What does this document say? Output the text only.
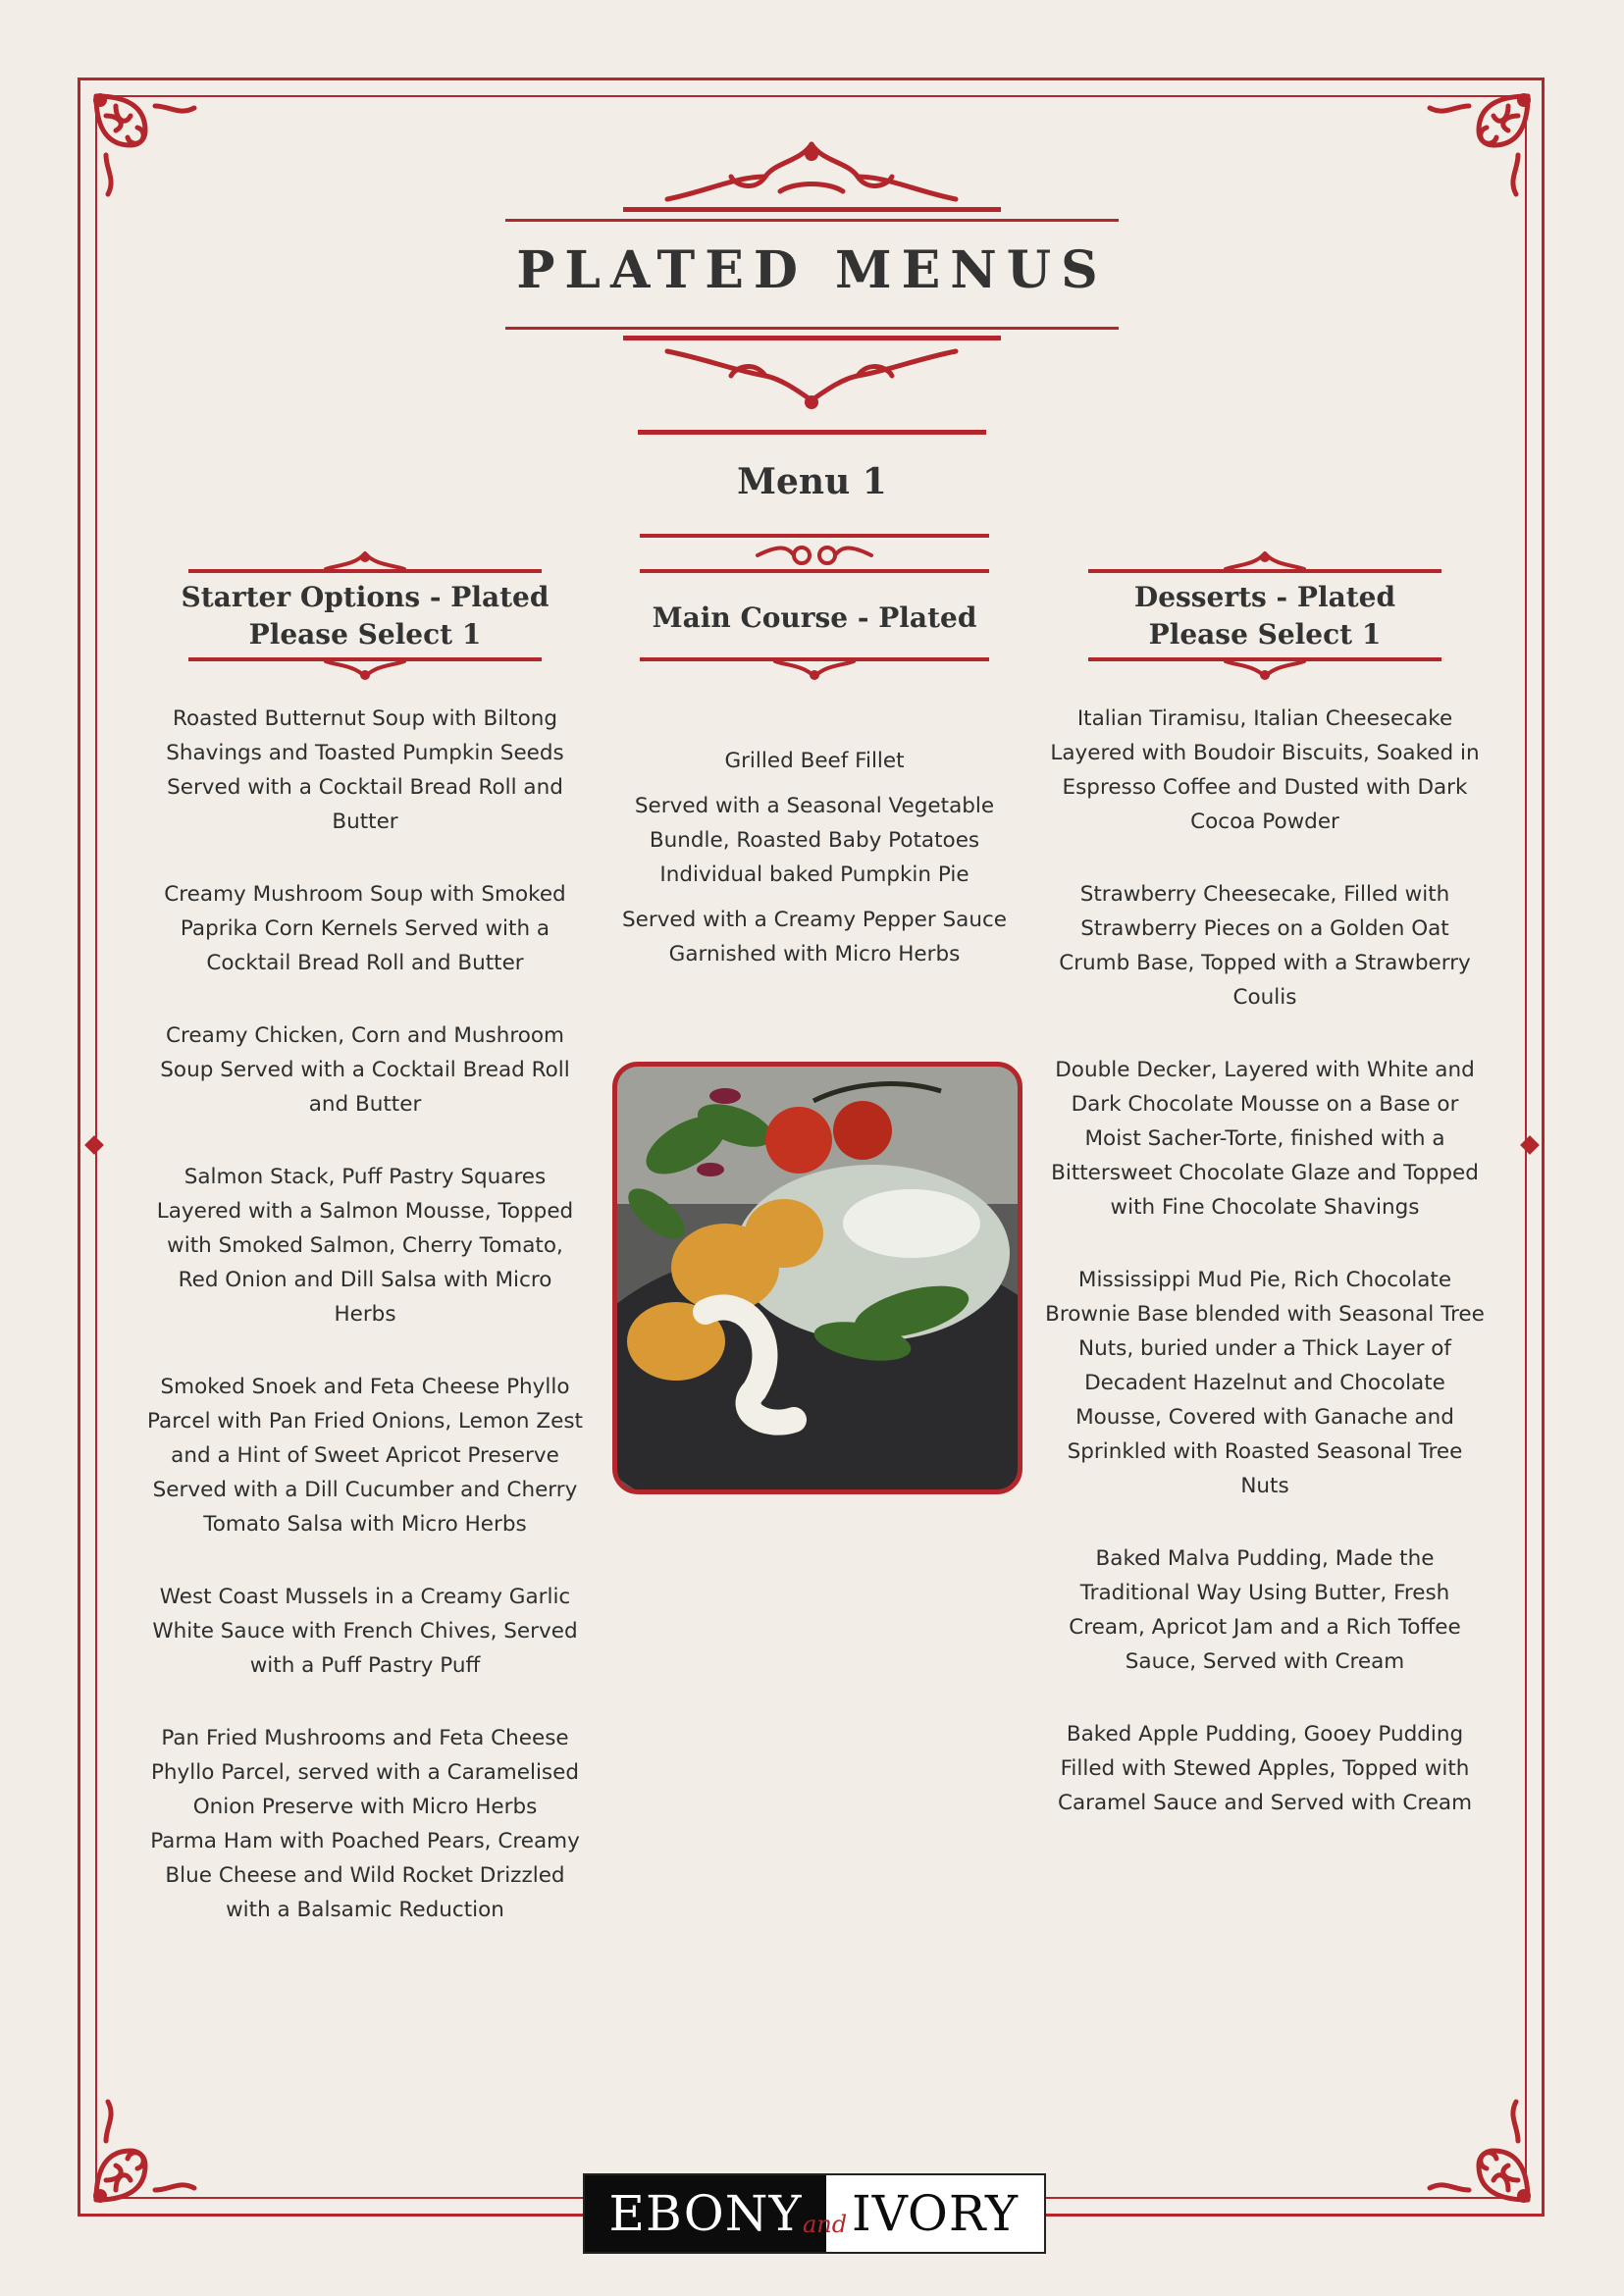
PLATED MENUS
Menu 1
Starter Options - Plated
Please Select 1
Main Course - Plated
Desserts - Plated
Please Select 1

Roasted Butternut Soup with Biltong Shavings and Toasted Pumpkin Seeds Served with a Cocktail Bread Roll and Butter

Creamy Mushroom Soup with Smoked Paprika Corn Kernels Served with a Cocktail Bread Roll and Butter

Creamy Chicken, Corn and Mushroom Soup Served with a Cocktail Bread Roll and Butter

Salmon Stack, Puff Pastry Squares Layered with a Salmon Mousse, Topped with Smoked Salmon, Cherry Tomato, Red Onion and Dill Salsa with Micro Herbs

Smoked Snoek and Feta Cheese Phyllo Parcel with Pan Fried Onions, Lemon Zest and a Hint of Sweet Apricot Preserve Served with a Dill Cucumber and Cherry Tomato Salsa with Micro Herbs

West Coast Mussels in a Creamy Garlic White Sauce with French Chives, Served with a Puff Pastry Puff

Pan Fried Mushrooms and Feta Cheese Phyllo Parcel, served with a Caramelised Onion Preserve with Micro Herbs

Parma Ham with Poached Pears, Creamy Blue Cheese and Wild Rocket Drizzled with a Balsamic Reduction

Grilled Beef Fillet

Served with a Seasonal Vegetable Bundle, Roasted Baby Potatoes Individual baked Pumpkin Pie

Served with a Creamy Pepper Sauce Garnished with Micro Herbs

Italian Tiramisu, Italian Cheesecake Layered with Boudoir Biscuits, Soaked in Espresso Coffee and Dusted with Dark Cocoa Powder

Strawberry Cheesecake, Filled with Strawberry Pieces on a Golden Oat Crumb Base, Topped with a Strawberry Coulis

Double Decker, Layered with White and Dark Chocolate Mousse on a Base or Moist Sacher-Torte, finished with a Bittersweet Chocolate Glaze and Topped with Fine Chocolate Shavings

Mississippi Mud Pie, Rich Chocolate Brownie Base blended with Seasonal Tree Nuts, buried under a Thick Layer of Decadent Hazelnut and Chocolate Mousse, Covered with Ganache and Sprinkled with Roasted Seasonal Tree Nuts

Baked Malva Pudding, Made the Traditional Way Using Butter, Fresh Cream, Apricot Jam and a Rich Toffee Sauce, Served with Cream

Baked Apple Pudding, Gooey Pudding Filled with Stewed Apples, Topped with Caramel Sauce and Served with Cream

EBONY	IVORY
and
